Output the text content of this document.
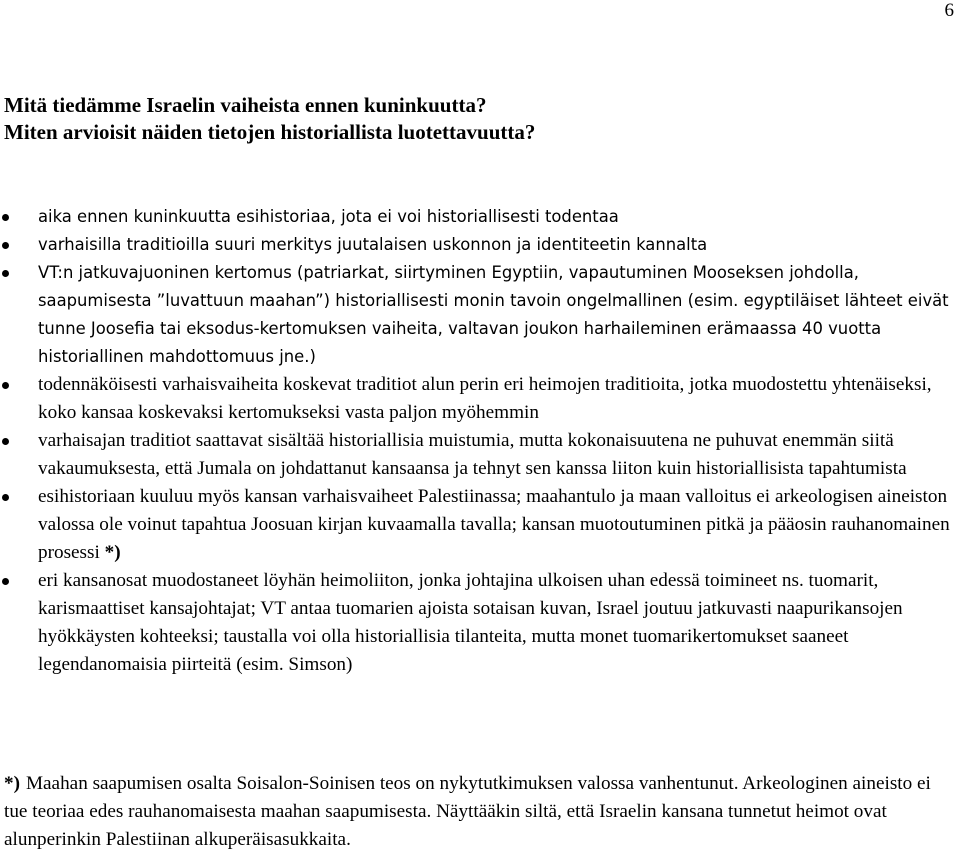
6
Mitä tiedämme Israelin vaiheista ennen kuninkuutta?
Miten arvioisit näiden tietojen historiallista luotettavuutta?
aika ennen kuninkuutta esihistoriaa, jota ei voi historiallisesti todentaa
varhaisilla traditioilla suuri merkitys juutalaisen uskonnon ja identiteetin kannalta
VT:n jatkuvajuoninen kertomus (patriarkat, siirtyminen Egyptiin, vapautuminen Mooseksen johdolla, saapumisesta ”luvattuun maahan”) historiallisesti monin tavoin ongelmallinen (esim. egyptiläiset lähteet eivät tunne Joosefia tai eksodus-kertomuksen vaiheita, valtavan joukon harhaileminen erämaassa 40 vuotta historiallinen mahdottomuus jne.)
todennäköisesti varhaisvaiheita koskevat traditiot alun perin eri heimojen traditioita, jotka muodostettu yhtenäiseksi, koko kansaa koskevaksi kertomukseksi vasta paljon myöhemmin
varhaisajan traditiot saattavat sisältää historiallisia muistumia, mutta kokonaisuutena ne puhuvat enemmän siitä vakaumuksesta, että Jumala on johdattanut kansaansa ja tehnyt sen kanssa liiton kuin historiallisista tapahtumista
esihistoriaan kuuluu myös kansan varhaisvaiheet Palestiinassa; maahantulo ja maan valloitus ei arkeologisen aineiston valossa ole voinut tapahtua Joosuan kirjan kuvaamalla tavalla; kansan muotoutuminen pitkä ja pääosin rauhanomainen prosessi *)
eri kansanosat muodostaneet löyhän heimoliiton, jonka johtajina ulkoisen uhan edessä toimineet ns. tuomarit, karismaattiset kansajohtajat; VT antaa tuomarien ajoista sotaisan kuvan, Israel joutuu jatkuvasti naapurikansojen hyökkäysten kohteeksi; taustalla voi olla historiallisia tilanteita, mutta monet tuomarikertomukset saaneet legendanomaisia piirteitä (esim. Simson)
*) Maahan saapumisen osalta Soisalon-Soinisen teos on nykytutkimuksen valossa vanhentunut. Arkeologinen aineisto ei tue teoriaa edes rauhanomaisesta maahan saapumisesta. Näyttääkin siltä, että Israelin kansana tunnetut heimot ovat alunperinkin Palestiinan alkuperäisasukkaita.
